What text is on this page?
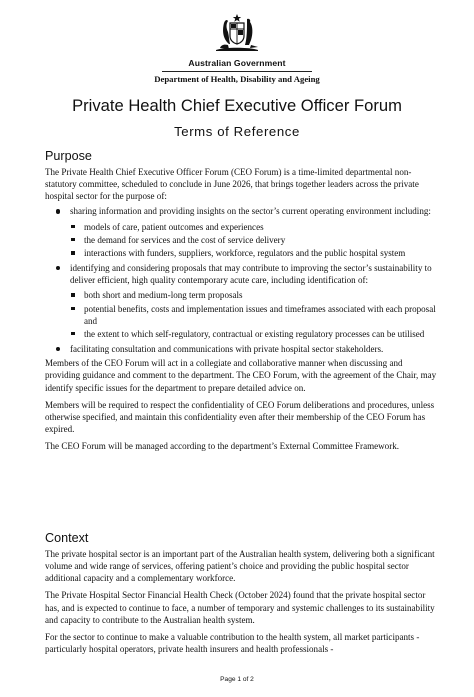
Australian Government
Department of Health, Disability and Ageing
Private Health Chief Executive Officer Forum
Terms of Reference
Purpose

The Private Health Chief Executive Officer Forum (CEO Forum) is a time-limited departmental non-statutory committee, scheduled to conclude in June 2026, that brings together leaders across the private hospital sector for the purpose of:

sharing information and providing insights on the sector’s current operating environment including:
models of care, patient outcomes and experiences
the demand for services and the cost of service delivery
interactions with funders, suppliers, workforce, regulators and the public hospital system
identifying and considering proposals that may contribute to improving the sector’s sustainability to deliver efficient, high quality contemporary acute care, including identification of:
both short and medium-long term proposals
potential benefits, costs and implementation issues and timeframes associated with each proposal and
the extent to which self-regulatory, contractual or existing regulatory processes can be utilised
facilitating consultation and communications with private hospital sector stakeholders.

Members of the CEO Forum will act in a collegiate and collaborative manner when discussing and providing guidance and comment to the department. The CEO Forum, with the agreement of the Chair, may identify specific issues for the department to prepare detailed advice on.

Members will be required to respect the confidentiality of CEO Forum deliberations and procedures, unless otherwise specified, and maintain this confidentiality even after their membership of the CEO Forum has expired.

The CEO Forum will be managed according to the department’s External Committee Framework.

Context

The private hospital sector is an important part of the Australian health system, delivering both a significant volume and wide range of services, offering patient’s choice and providing the public hospital sector additional capacity and a complementary workforce.

The Private Hospital Sector Financial Health Check (October 2024) found that the private hospital sector has, and is expected to continue to face, a number of temporary and systemic challenges to its sustainability and capacity to contribute to the Australian health system.

For the sector to continue to make a valuable contribution to the health system, all market participants - particularly hospital operators, private health insurers and health professionals -

Page 1 of 2
